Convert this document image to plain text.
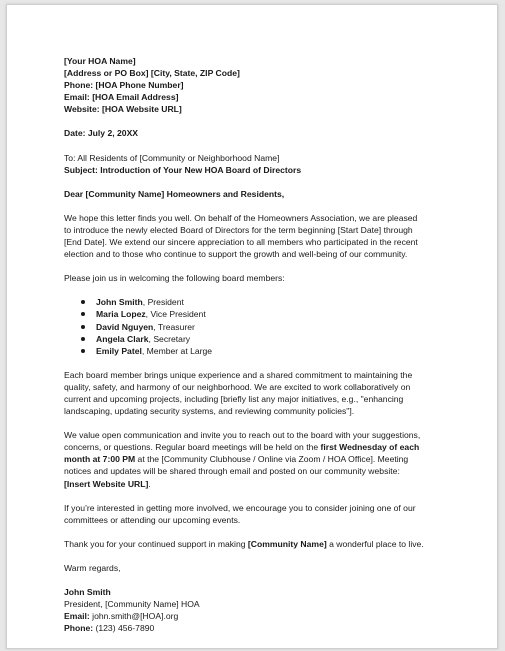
[Your HOA Name]
[Address or PO Box] [City, State, ZIP Code]
Phone: [HOA Phone Number]
Email: [HOA Email Address]
Website: [HOA Website URL]
Date: July 2, 20XX
To: All Residents of [Community or Neighborhood Name]
Subject: Introduction of Your New HOA Board of Directors
Dear [Community Name] Homeowners and Residents,
We hope this letter finds you well. On behalf of the Homeowners Association, we are pleased
to introduce the newly elected Board of Directors for the term beginning [Start Date] through
[End Date]. We extend our sincere appreciation to all members who participated in the recent
election and to those who continue to support the growth and well-being of our community.
Please join us in welcoming the following board members:
John Smith, President
Maria Lopez, Vice President
David Nguyen, Treasurer
Angela Clark, Secretary
Emily Patel, Member at Large
Each board member brings unique experience and a shared commitment to maintaining the
quality, safety, and harmony of our neighborhood. We are excited to work collaboratively on
current and upcoming projects, including [briefly list any major initiatives, e.g., "enhancing
landscaping, updating security systems, and reviewing community policies"].
We value open communication and invite you to reach out to the board with your suggestions,
concerns, or questions. Regular board meetings will be held on the first Wednesday of each
month at 7:00 PM at the [Community Clubhouse / Online via Zoom / HOA Office]. Meeting
notices and updates will be shared through email and posted on our community website:
[Insert Website URL].
If you’re interested in getting more involved, we encourage you to consider joining one of our
committees or attending our upcoming events.
Thank you for your continued support in making [Community Name] a wonderful place to live.
Warm regards,
John Smith
President, [Community Name] HOA
Email: john.smith@[HOA].org
Phone: (123) 456-7890
